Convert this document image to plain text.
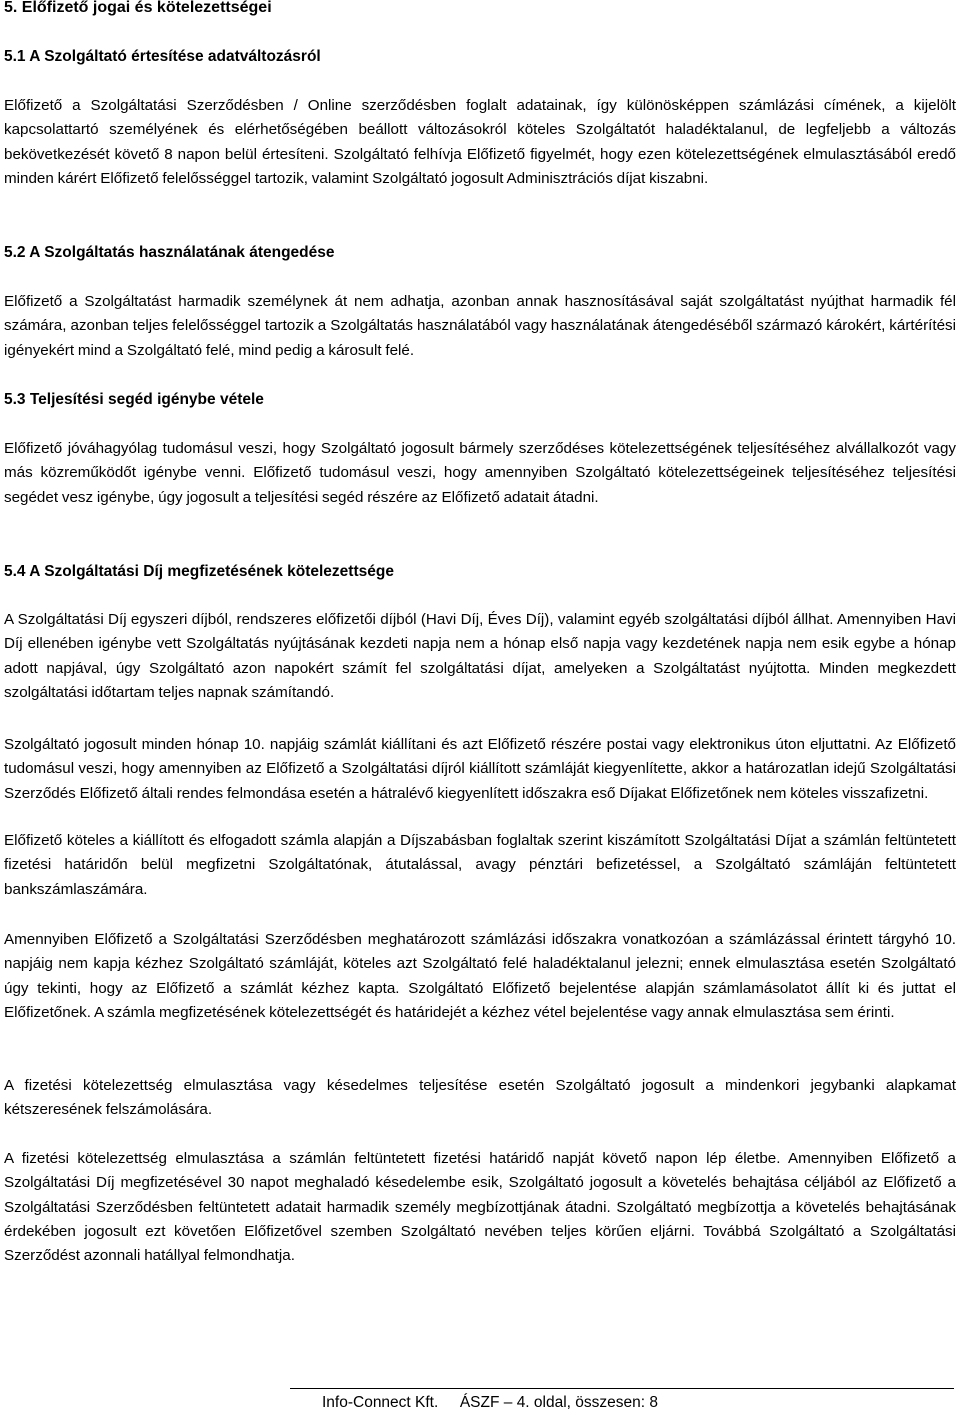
5. Előfizető jogai és kötelezettségei
5.1 A Szolgáltató értesítése adatváltozásról

Előfizető a Szolgáltatási Szerződésben / Online szerződésben foglalt adatainak, így különösképpen számlázási címének, a kijelölt kapcsolattartó személyének és elérhetőségében beállott változásokról köteles Szolgáltatót haladéktalanul, de legfeljebb a változás bekövetkezését követő 8 napon belül értesíteni. Szolgáltató felhívja Előfizető figyelmét, hogy ezen kötelezettségének elmulasztásából eredő minden kárért Előfizető felelősséggel tartozik, valamint Szolgáltató jogosult Adminisztrációs díjat kiszabni.

5.2 A Szolgáltatás használatának átengedése

Előfizető a Szolgáltatást harmadik személynek át nem adhatja, azonban annak hasznosításával saját szolgáltatást nyújthat harmadik fél számára, azonban teljes felelősséggel tartozik a Szolgáltatás használatából vagy használatának átengedéséből származó károkért, kártérítési igényekért mind a Szolgáltató felé, mind pedig a károsult felé.

5.3 Teljesítési segéd igénybe vétele

Előfizető jóváhagyólag tudomásul veszi, hogy Szolgáltató jogosult bármely szerződéses kötelezettségének teljesítéséhez alvállalkozót vagy más közreműködőt igénybe venni. Előfizető tudomásul veszi, hogy amennyiben Szolgáltató kötelezettségeinek teljesítéséhez teljesítési segédet vesz igénybe, úgy jogosult a teljesítési segéd részére az Előfizető adatait átadni.

5.4 A Szolgáltatási Díj megfizetésének kötelezettsége

A Szolgáltatási Díj egyszeri díjból, rendszeres előfizetői díjból (Havi Díj, Éves Díj), valamint egyéb szolgáltatási díjból állhat. Amennyiben Havi Díj ellenében igénybe vett Szolgáltatás nyújtásának kezdeti napja nem a hónap első napja vagy kezdetének napja nem esik egybe a hónap adott napjával, úgy Szolgáltató azon napokért számít fel szolgáltatási díjat, amelyeken a Szolgáltatást nyújtotta. Minden megkezdett szolgáltatási időtartam teljes napnak számítandó.

Szolgáltató jogosult minden hónap 10. napjáig számlát kiállítani és azt Előfizető részére postai vagy elektronikus úton eljuttatni. Az Előfizető tudomásul veszi, hogy amennyiben az Előfizető a Szolgáltatási díjról kiállított számláját kiegyenlítette, akkor a határozatlan idejű Szolgáltatási Szerződés Előfizető általi rendes felmondása esetén a hátralévő kiegyenlített időszakra eső Díjakat Előfizetőnek nem köteles visszafizetni.

Előfizető köteles a kiállított és elfogadott számla alapján a Díjszabásban foglaltak szerint kiszámított Szolgáltatási Díjat a számlán feltüntetett fizetési határidőn belül megfizetni Szolgáltatónak, átutalással, avagy pénztári befizetéssel, a Szolgáltató számláján feltüntetett bankszámlaszámára.

Amennyiben Előfizető a Szolgáltatási Szerződésben meghatározott számlázási időszakra vonatkozóan a számlázással érintett tárgyhó 10. napjáig nem kapja kézhez Szolgáltató számláját, köteles azt Szolgáltató felé haladéktalanul jelezni; ennek elmulasztása esetén Szolgáltató úgy tekinti, hogy az Előfizető a számlát kézhez kapta. Szolgáltató Előfizető bejelentése alapján számlamásolatot állít ki és juttat el Előfizetőnek. A számla megfizetésének kötelezettségét és határidejét a kézhez vétel bejelentése vagy annak elmulasztása sem érinti.

A fizetési kötelezettség elmulasztása vagy késedelmes teljesítése esetén Szolgáltató jogosult a mindenkori jegybanki alapkamat kétszeresének felszámolására.

A fizetési kötelezettség elmulasztása a számlán feltüntetett fizetési határidő napját követő napon lép életbe. Amennyiben Előfizető a Szolgáltatási Díj megfizetésével 30 napot meghaladó késedelembe esik, Szolgáltató jogosult a követelés behajtása céljából az Előfizető a Szolgáltatási Szerződésben feltüntetett adatait harmadik személy megbízottjának átadni. Szolgáltató megbízottja a követelés behajtásának érdekében jogosult ezt követően Előfizetővel szemben Szolgáltató nevében teljes körűen eljárni. Továbbá Szolgáltató a Szolgáltatási Szerződést azonnali hatállyal felmondhatja.

Info-Connect Kft. ÁSZF – 4. oldal, összesen: 8
